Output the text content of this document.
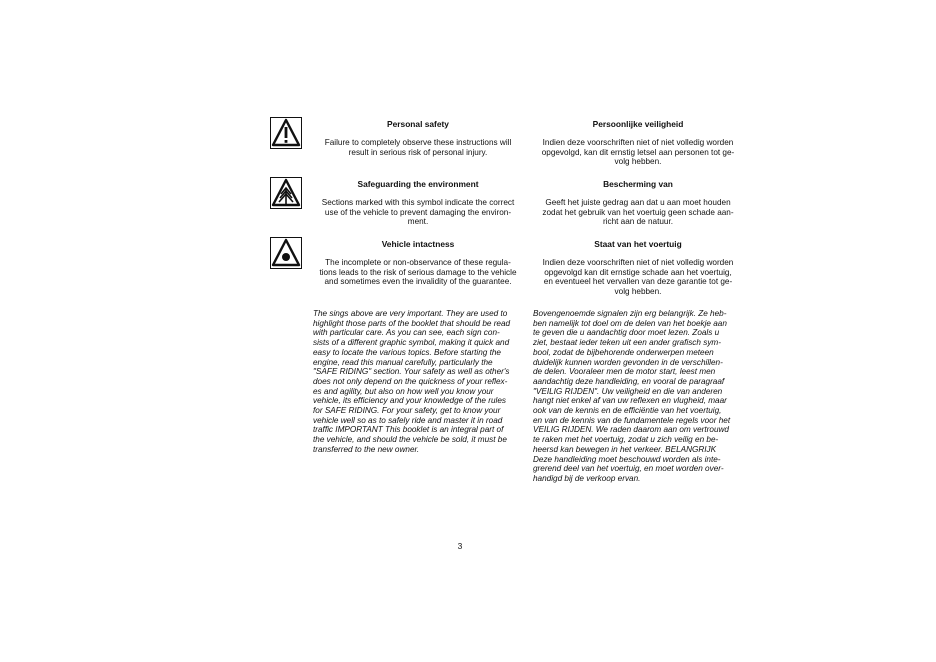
Personal safety

Failure to completely observe these instructions will
result in serious risk of personal injury.

Persoonlijke veiligheid

Indien deze voorschriften niet of niet volledig worden
opgevolgd, kan dit ernstig letsel aan personen tot ge-
volg hebben.

Safeguarding the environment

Sections marked with this symbol indicate the correct
use of the vehicle to prevent damaging the environ-
ment.

Bescherming van

Geeft het juiste gedrag aan dat u aan moet houden
zodat het gebruik van het voertuig geen schade aan-
richt aan de natuur.

Vehicle intactness

The incomplete or non-observance of these regula-
tions leads to the risk of serious damage to the vehicle
and sometimes even the invalidity of the guarantee.

Staat van het voertuig

Indien deze voorschriften niet of niet volledig worden
opgevolgd kan dit ernstige schade aan het voertuig,
en eventueel het vervallen van deze garantie tot ge-
volg hebben.

The sings above are very important. They are used to
highlight those parts of the booklet that should be read
with particular care. As you can see, each sign con-
sists of a different graphic symbol, making it quick and
easy to locate the various topics. Before starting the
engine, read this manual carefully, particularly the
"SAFE RIDING" section. Your safety as well as other's
does not only depend on the quickness of your reflex-
es and agility, but also on how well you know your
vehicle, its efficiency and your knowledge of the rules
for SAFE RIDING. For your safety, get to know your
vehicle well so as to safely ride and master it in road
traffic IMPORTANT This booklet is an integral part of
the vehicle, and should the vehicle be sold, it must be
transferred to the new owner.

Bovengenoemde signalen zijn erg belangrijk. Ze heb-
ben namelijk tot doel om de delen van het boekje aan
te geven die u aandachtig door moet lezen. Zoals u
ziet, bestaat ieder teken uit een ander grafisch sym-
bool, zodat de bijbehorende onderwerpen meteen
duidelijk kunnen worden gevonden in de verschillen-
de delen. Vooraleer men de motor start, leest men
aandachtig deze handleiding, en vooral de paragraaf
"VEILIG RIJDEN". Uw veiligheid en die van anderen
hangt niet enkel af van uw reflexen en vlugheid, maar
ook van de kennis en de efficiëntie van het voertuig,
en van de kennis van de fundamentele regels voor het
VEILIG RIJDEN. We raden daarom aan om vertrouwd
te raken met het voertuig, zodat u zich veilig en be-
heersd kan bewegen in het verkeer. BELANGRIJK
Deze handleiding moet beschouwd worden als inte-
grerend deel van het voertuig, en moet worden over-
handigd bij de verkoop ervan.

3
